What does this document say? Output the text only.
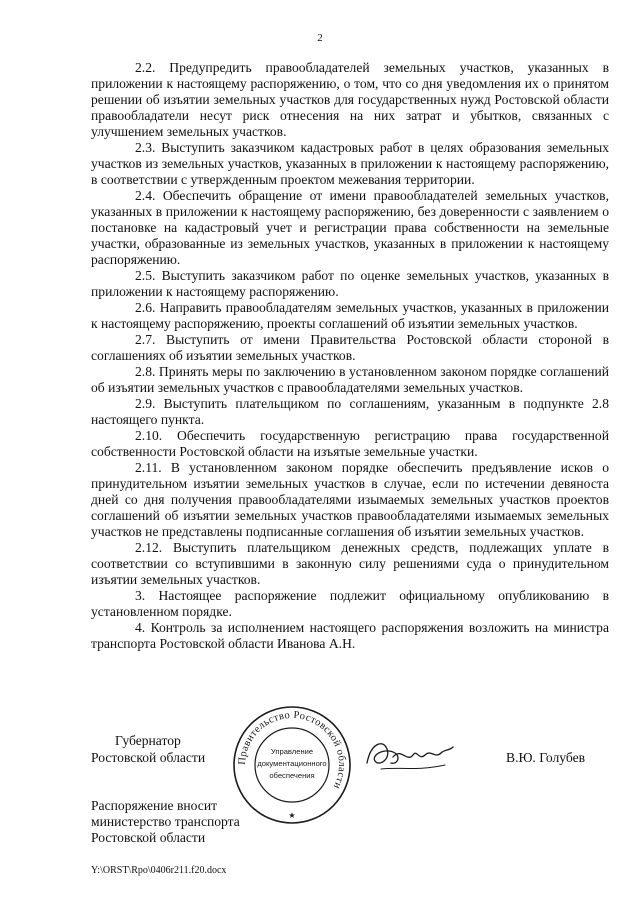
2

2.2. Предупредить правообладателей земельных участков, указанных в приложении к настоящему распоряжению, о том, что со дня уведомления их о принятом решении об изъятии земельных участков для государственных нужд Ростовской области правообладатели несут риск отнесения на них затрат и убытков, связанных с улучшением земельных участков.

2.3. Выступить заказчиком кадастровых работ в целях образования земельных участков из земельных участков, указанных в приложении к настоящему распоряжению, в соответствии с утвержденным проектом межевания территории.

2.4. Обеспечить обращение от имени правообладателей земельных участков, указанных в приложении к настоящему распоряжению, без доверенности с заявлением о постановке на кадастровый учет и регистрации права собственности на земельные участки, образованные из земельных участков, указанных в приложении к настоящему распоряжению.

2.5. Выступить заказчиком работ по оценке земельных участков, указанных в приложении к настоящему распоряжению.

2.6. Направить правообладателям земельных участков, указанных в приложении к настоящему распоряжению, проекты соглашений об изъятии земельных участков.

2.7. Выступить от имени Правительства Ростовской области стороной в соглашениях об изъятии земельных участков.

2.8. Принять меры по заключению в установленном законом порядке соглашений об изъятии земельных участков с правообладателями земельных участков.

2.9. Выступить плательщиком по соглашениям, указанным в подпункте 2.8 настоящего пункта.

2.10. Обеспечить государственную регистрацию права государственной собственности Ростовской области на изъятые земельные участки.

2.11. В установленном законом порядке обеспечить предъявление исков о принудительном изъятии земельных участков в случае, если по истечении девяноста дней со дня получения правообладателями изымаемых земельных участков проектов соглашений об изъятии земельных участков правообладателями изымаемых земельных участков не представлены подписанные соглашения об изъятии земельных участков.

2.12. Выступить плательщиком денежных средств, подлежащих уплате в соответствии со вступившими в законную силу решениями суда о принудительном изъятии земельных участков.

3. Настоящее распоряжение подлежит официальному опубликованию в установленном порядке.

4. Контроль за исполнением настоящего распоряжения возложить на министра транспорта Ростовской области Иванова А.Н.

Губернатор
Ростовской области	Правительство Ростовской области
Управление
документационного
обеспечения
★
В.Ю. Голубев
Распоряжение вносит
министерство транспорта
Ростовской области
Y:\ORST\Rpo\0406r211.f20.docx
